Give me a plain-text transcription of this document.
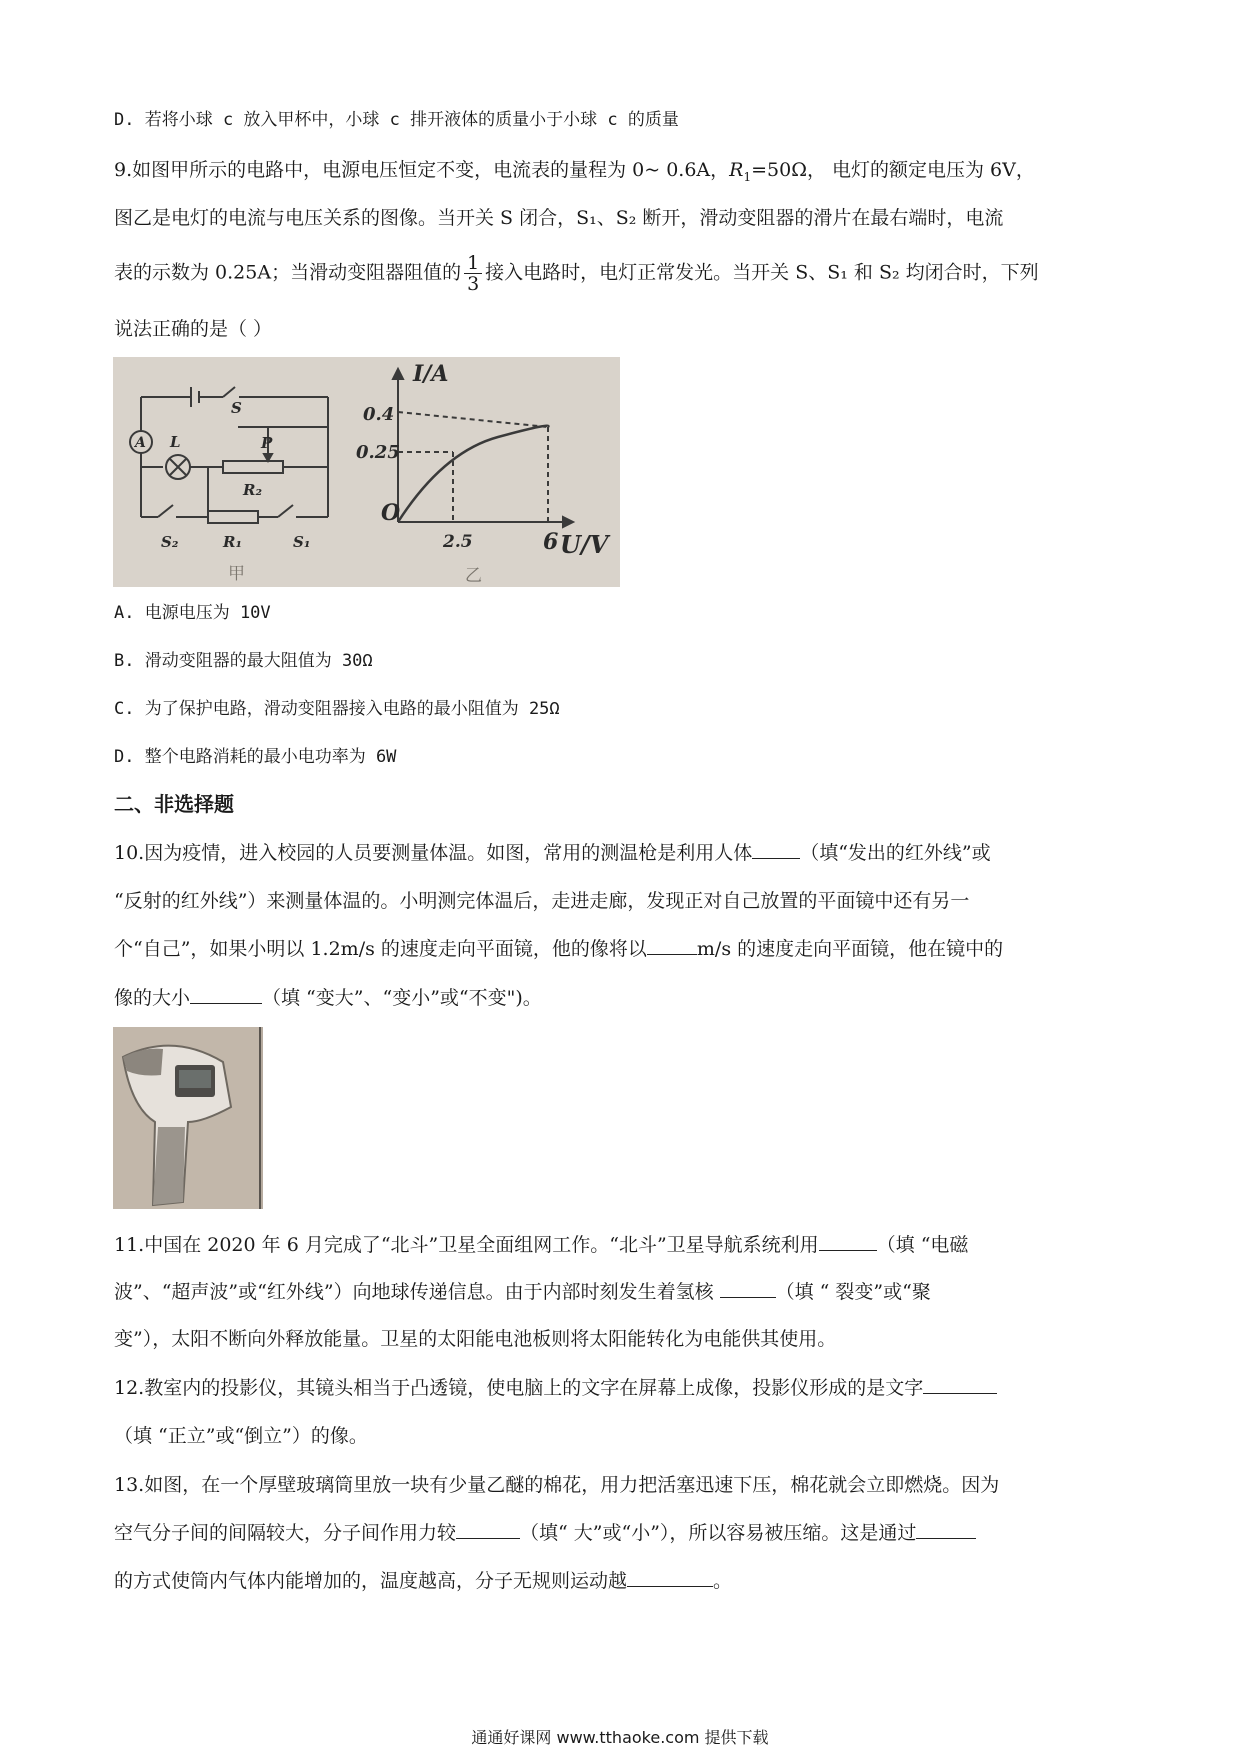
D. 若将小球 c 放入甲杯中，小球 c 排开液体的质量小于小球 c 的质量
9.如图甲所示的电路中，电源电压恒定不变，电流表的量程为 0~ 0.6A，$R_1=50\Omega$， 电灯的额定电压为 6V，
图乙是电灯的电流与电压关系的图像。当开关 S 闭合，S₁、S₂ 断开，滑动变阻器的滑片在最右端时，电流
表的示数为 0.25A；当滑动变阻器阻值的 $\frac{1}{3}$ 接入电路时，电灯正常发光。当开关 S、S₁ 和 S₂ 均闭合时，下列
说法正确的是（ ）
A
S
L	P
R₂
R₁	S₁
S₂
I/A
0.4
0.25
O
2.5	6 U/V
甲	乙
A. 电源电压为 10V
B. 滑动变阻器的最大阻值为 30Ω
C. 为了保护电路，滑动变阻器接入电路的最小阻值为 25Ω
D. 整个电路消耗的最小电功率为 6W
二、非选择题
10.因为疫情，进入校园的人员要测量体温。如图，常用的测温枪是利用人体	（填“发出的红外线”或
“反射的红外线”）来测量体温的。小明测完体温后，走进走廊，发现正对自己放置的平面镜中还有另一
个“自己”，如果小明以 1.2m/s 的速度走向平面镜，他的像将以	m/s 的速度走向平面镜，他在镜中的
像的大小	（填 “变大”、“变小”或“不变")。
11.中国在 2020 年 6 月完成了“北斗”卫星全面组网工作。“北斗”卫星导航系统利用	（填 “电磁
波”、“超声波”或“红外线”）向地球传递信息。由于内部时刻发生着氢核	（填 “ 裂变”或“聚
变”），太阳不断向外释放能量。卫星的太阳能电池板则将太阳能转化为电能供其使用。
12.教室内的投影仪，其镜头相当于凸透镜，使电脑上的文字在屏幕上成像，投影仪形成的是文字
（填 “正立”或“倒立”）的像。
13.如图，在一个厚壁玻璃筒里放一块有少量乙醚的棉花，用力把活塞迅速下压，棉花就会立即燃烧。因为
空气分子间的间隔较大，分子间作用力较	（填“ 大”或“小”），所以容易被压缩。这是通过
的方式使筒内气体内能增加的，温度越高，分子无规则运动越	。
通通好课网 www.tthaoke.com 提供下载
